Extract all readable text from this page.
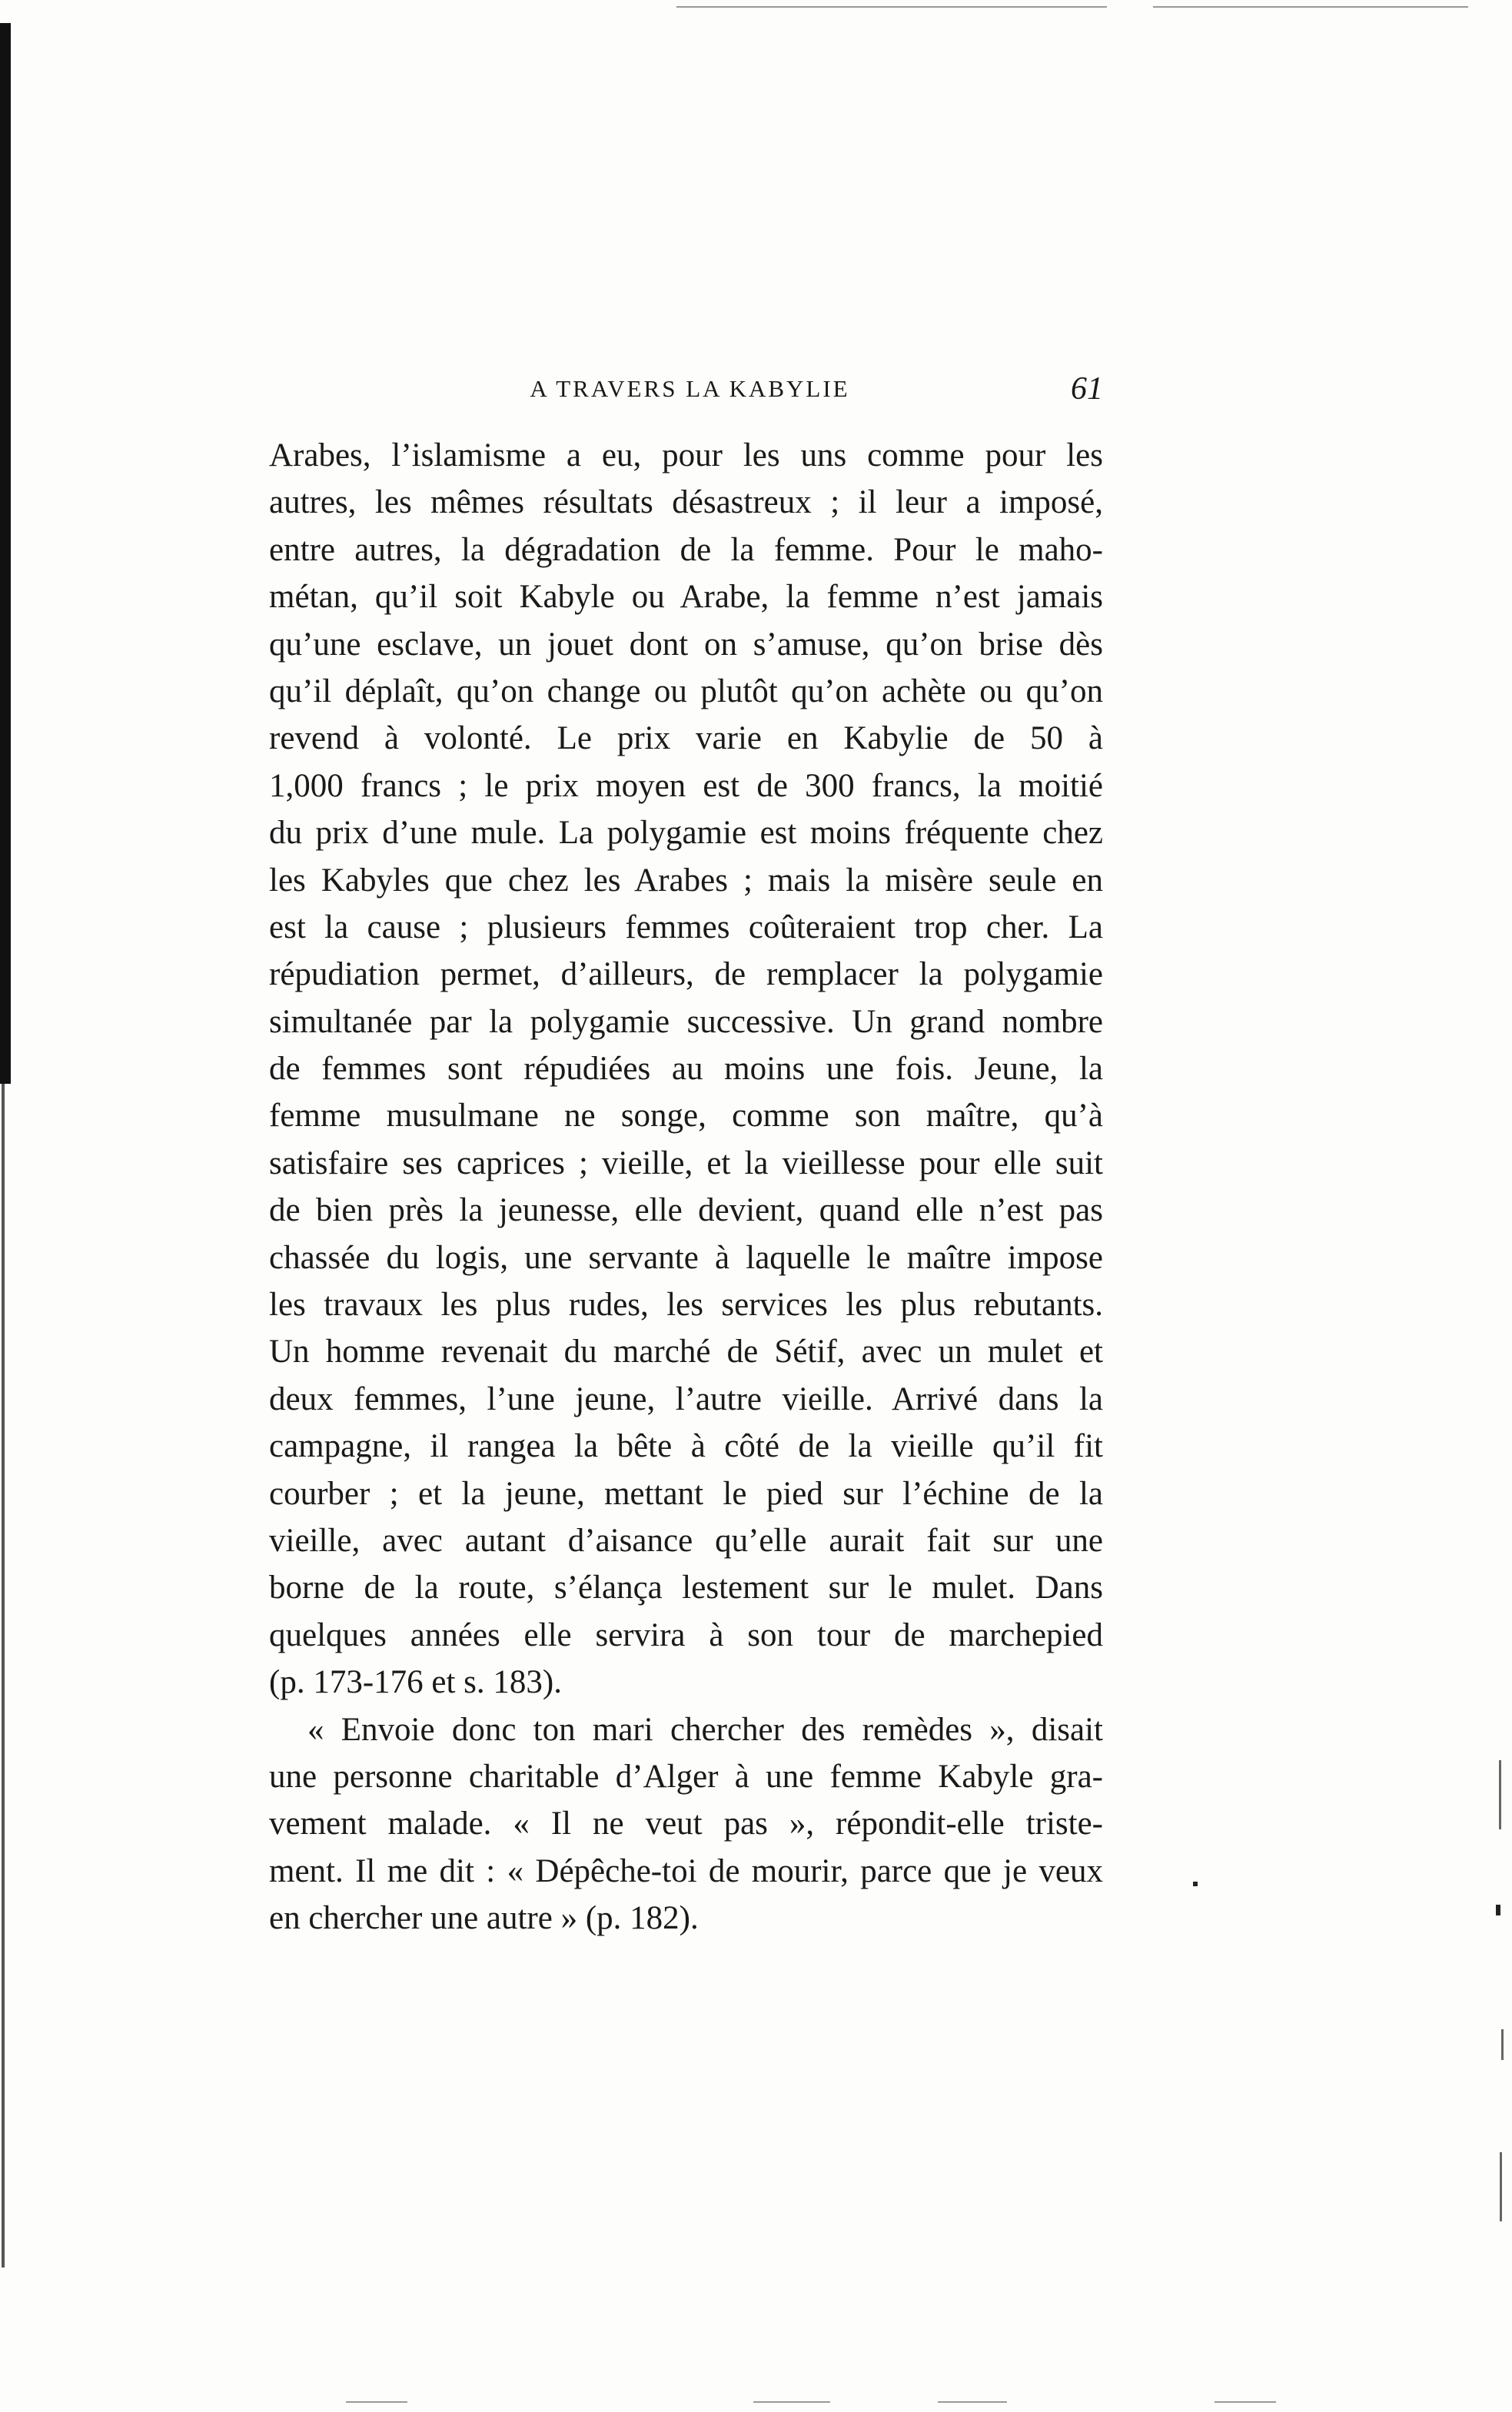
A TRAVERS LA KABYLIE	61
Arabes, l’islamisme a eu, pour les uns comme pour les
autres, les mêmes résultats désastreux ; il leur a imposé,
entre autres, la dégradation de la femme. Pour le maho-
métan, qu’il soit Kabyle ou Arabe, la femme n’est jamais
qu’une esclave, un jouet dont on s’amuse, qu’on brise dès
qu’il déplaît, qu’on change ou plutôt qu’on achète ou qu’on
revend à volonté. Le prix varie en Kabylie de 50 à
1,000 francs ; le prix moyen est de 300 francs, la moitié
du prix d’une mule. La polygamie est moins fréquente chez
les Kabyles que chez les Arabes ; mais la misère seule en
est la cause ; plusieurs femmes coûteraient trop cher. La
répudiation permet, d’ailleurs, de remplacer la polygamie
simultanée par la polygamie successive. Un grand nombre
de femmes sont répudiées au moins une fois. Jeune, la
femme musulmane ne songe, comme son maître, qu’à
satisfaire ses caprices ; vieille, et la vieillesse pour elle suit
de bien près la jeunesse, elle devient, quand elle n’est pas
chassée du logis, une servante à laquelle le maître impose
les travaux les plus rudes, les services les plus rebutants.
Un homme revenait du marché de Sétif, avec un mulet et
deux femmes, l’une jeune, l’autre vieille. Arrivé dans la
campagne, il rangea la bête à côté de la vieille qu’il fit
courber ; et la jeune, mettant le pied sur l’échine de la
vieille, avec autant d’aisance qu’elle aurait fait sur une
borne de la route, s’élança lestement sur le mulet. Dans
quelques années elle servira à son tour de marchepied
(p. 173-176 et s. 183).
« Envoie donc ton mari chercher des remèdes », disait
une personne charitable d’Alger à une femme Kabyle gra-
vement malade. « Il ne veut pas », répondit-elle triste-
ment. Il me dit : « Dépêche-toi de mourir, parce que je veux
en chercher une autre » (p. 182).
